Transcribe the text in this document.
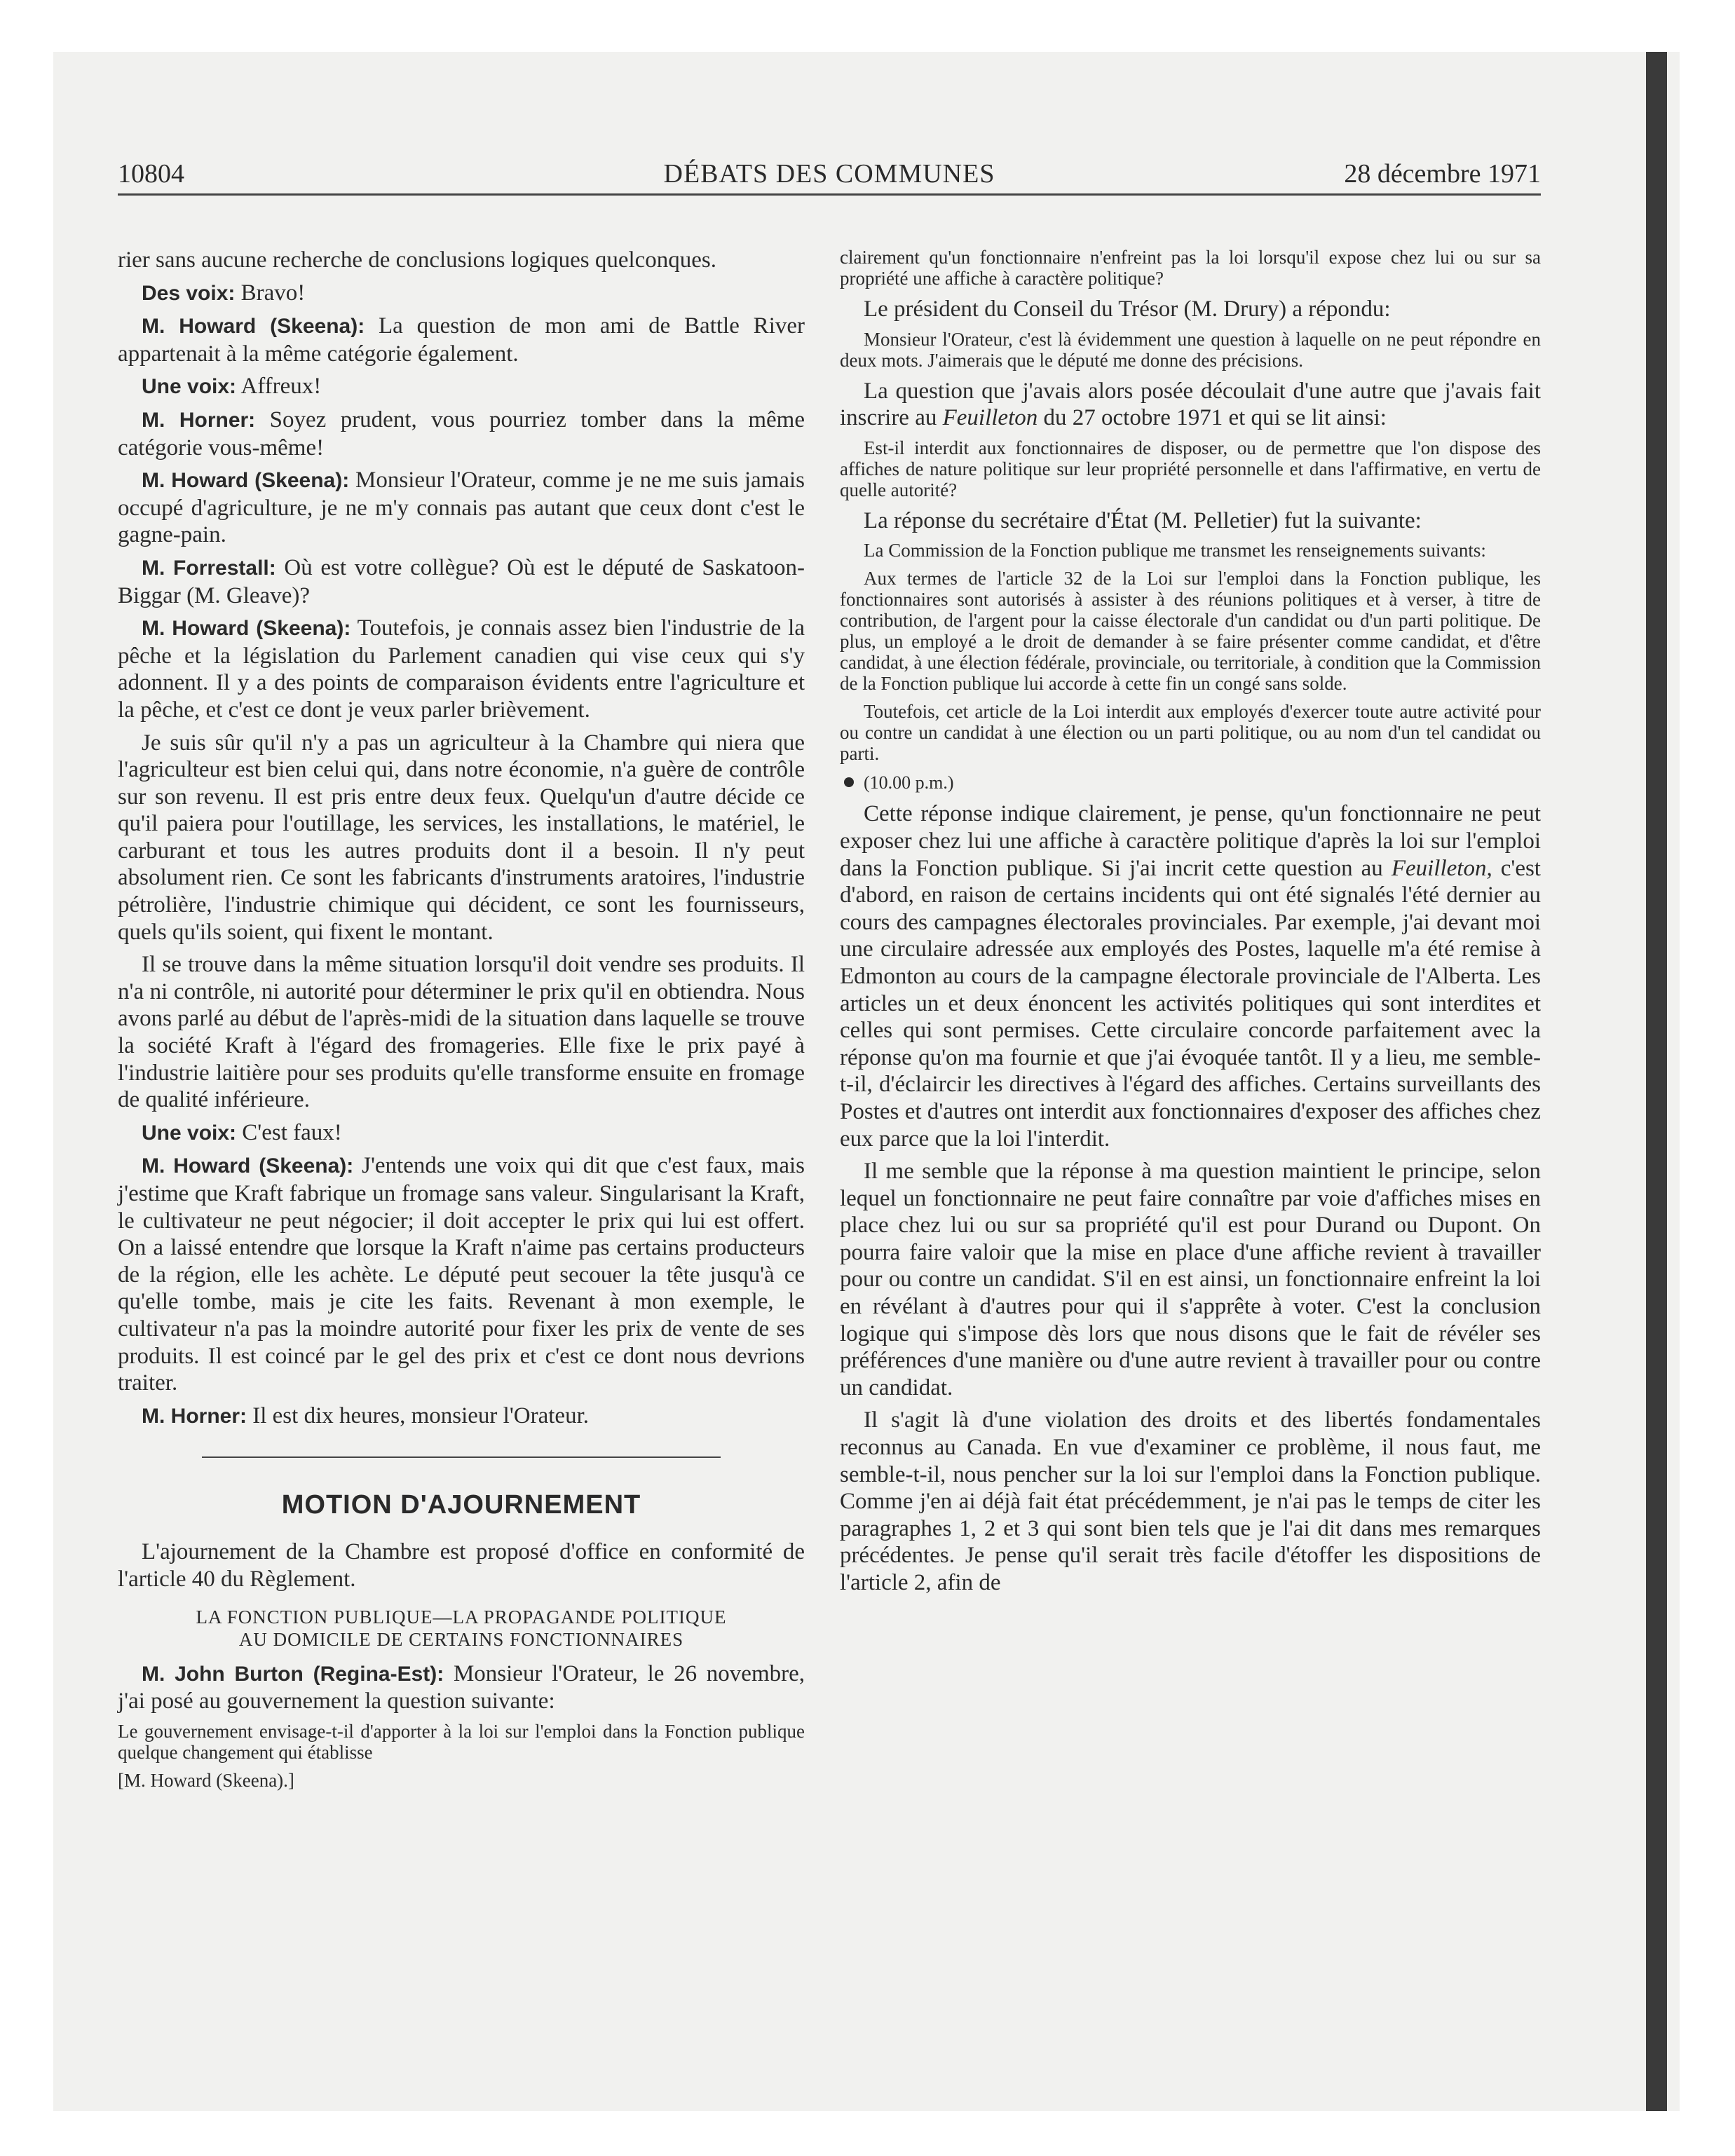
10804	DÉBATS DES COMMUNES	28 décembre 1971

rier sans aucune recherche de conclusions logiques quelconques.

Des voix: Bravo!

M. Howard (Skeena): La question de mon ami de Battle River appartenait à la même catégorie également.

Une voix: Affreux!

M. Horner: Soyez prudent, vous pourriez tomber dans la même catégorie vous-même!

M. Howard (Skeena): Monsieur l'Orateur, comme je ne me suis jamais occupé d'agriculture, je ne m'y connais pas autant que ceux dont c'est le gagne-pain.

M. Forrestall: Où est votre collègue? Où est le député de Saskatoon-Biggar (M. Gleave)?

M. Howard (Skeena): Toutefois, je connais assez bien l'industrie de la pêche et la législation du Parlement canadien qui vise ceux qui s'y adonnent. Il y a des points de comparaison évidents entre l'agriculture et la pêche, et c'est ce dont je veux parler brièvement.

Je suis sûr qu'il n'y a pas un agriculteur à la Chambre qui niera que l'agriculteur est bien celui qui, dans notre économie, n'a guère de contrôle sur son revenu. Il est pris entre deux feux. Quelqu'un d'autre décide ce qu'il paiera pour l'outillage, les services, les installations, le matériel, le carburant et tous les autres produits dont il a besoin. Il n'y peut absolument rien. Ce sont les fabricants d'instruments aratoires, l'industrie pétrolière, l'industrie chimique qui décident, ce sont les fournisseurs, quels qu'ils soient, qui fixent le montant.

Il se trouve dans la même situation lorsqu'il doit vendre ses produits. Il n'a ni contrôle, ni autorité pour déterminer le prix qu'il en obtiendra. Nous avons parlé au début de l'après-midi de la situation dans laquelle se trouve la société Kraft à l'égard des fromageries. Elle fixe le prix payé à l'industrie laitière pour ses produits qu'elle transforme ensuite en fromage de qualité inférieure.

Une voix: C'est faux!

M. Howard (Skeena): J'entends une voix qui dit que c'est faux, mais j'estime que Kraft fabrique un fromage sans valeur. Singularisant la Kraft, le cultivateur ne peut négocier; il doit accepter le prix qui lui est offert. On a laissé entendre que lorsque la Kraft n'aime pas certains producteurs de la région, elle les achète. Le député peut secouer la tête jusqu'à ce qu'elle tombe, mais je cite les faits. Revenant à mon exemple, le cultivateur n'a pas la moindre autorité pour fixer les prix de vente de ses produits. Il est coincé par le gel des prix et c'est ce dont nous devrions traiter.

M. Horner: Il est dix heures, monsieur l'Orateur.

MOTION D'AJOURNEMENT

L'ajournement de la Chambre est proposé d'office en conformité de l'article 40 du Règlement.

LA FONCTION PUBLIQUE—LA PROPAGANDE POLITIQUE
AU DOMICILE DE CERTAINS FONCTIONNAIRES

M. John Burton (Regina-Est): Monsieur l'Orateur, le 26 novembre, j'ai posé au gouvernement la question suivante:

Le gouvernement envisage-t-il d'apporter à la loi sur l'emploi dans la Fonction publique quelque changement qui établisse

[M. Howard (Skeena).]

clairement qu'un fonctionnaire n'enfreint pas la loi lorsqu'il expose chez lui ou sur sa propriété une affiche à caractère politique?

Le président du Conseil du Trésor (M. Drury) a répondu:

Monsieur l'Orateur, c'est là évidemment une question à laquelle on ne peut répondre en deux mots. J'aimerais que le député me donne des précisions.

La question que j'avais alors posée découlait d'une autre que j'avais fait inscrire au Feuilleton du 27 octobre 1971 et qui se lit ainsi:

Est-il interdit aux fonctionnaires de disposer, ou de permettre que l'on dispose des affiches de nature politique sur leur propriété personnelle et dans l'affirmative, en vertu de quelle autorité?

La réponse du secrétaire d'État (M. Pelletier) fut la suivante:

La Commission de la Fonction publique me transmet les renseignements suivants:

Aux termes de l'article 32 de la Loi sur l'emploi dans la Fonction publique, les fonctionnaires sont autorisés à assister à des réunions politiques et à verser, à titre de contribution, de l'argent pour la caisse électorale d'un candidat ou d'un parti politique. De plus, un employé a le droit de demander à se faire présenter comme candidat, et d'être candidat, à une élection fédérale, provinciale, ou territoriale, à condition que la Commission de la Fonction publique lui accorde à cette fin un congé sans solde.

Toutefois, cet article de la Loi interdit aux employés d'exercer toute autre activité pour ou contre un candidat à une élection ou un parti politique, ou au nom d'un tel candidat ou parti.

(10.00 p.m.)

Cette réponse indique clairement, je pense, qu'un fonctionnaire ne peut exposer chez lui une affiche à caractère politique d'après la loi sur l'emploi dans la Fonction publique. Si j'ai incrit cette question au Feuilleton, c'est d'abord, en raison de certains incidents qui ont été signalés l'été dernier au cours des campagnes électorales provinciales. Par exemple, j'ai devant moi une circulaire adressée aux employés des Postes, laquelle m'a été remise à Edmonton au cours de la campagne électorale provinciale de l'Alberta. Les articles un et deux énoncent les activités politiques qui sont interdites et celles qui sont permises. Cette circulaire concorde parfaitement avec la réponse qu'on ma fournie et que j'ai évoquée tantôt. Il y a lieu, me semble-t-il, d'éclaircir les directives à l'égard des affiches. Certains surveillants des Postes et d'autres ont interdit aux fonctionnaires d'exposer des affiches chez eux parce que la loi l'interdit.

Il me semble que la réponse à ma question maintient le principe, selon lequel un fonctionnaire ne peut faire connaître par voie d'affiches mises en place chez lui ou sur sa propriété qu'il est pour Durand ou Dupont. On pourra faire valoir que la mise en place d'une affiche revient à travailler pour ou contre un candidat. S'il en est ainsi, un fonctionnaire enfreint la loi en révélant à d'autres pour qui il s'apprête à voter. C'est la conclusion logique qui s'impose dès lors que nous disons que le fait de révéler ses préférences d'une manière ou d'une autre revient à travailler pour ou contre un candidat.

Il s'agit là d'une violation des droits et des libertés fondamentales reconnus au Canada. En vue d'examiner ce problème, il nous faut, me semble-t-il, nous pencher sur la loi sur l'emploi dans la Fonction publique. Comme j'en ai déjà fait état précédemment, je n'ai pas le temps de citer les paragraphes 1, 2 et 3 qui sont bien tels que je l'ai dit dans mes remarques précédentes. Je pense qu'il serait très facile d'étoffer les dispositions de l'article 2, afin de
